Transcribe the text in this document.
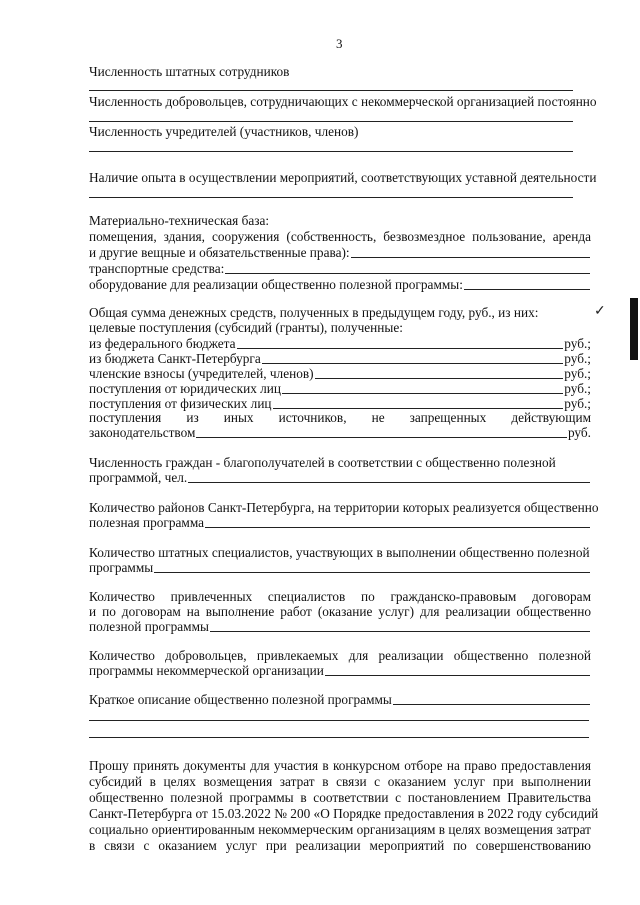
3
Численность штатных сотрудников
Численность добровольцев, сотрудничающих с некоммерческой организацией постоянно
Численность учредителей (участников, членов)
Наличие опыта в осуществлении мероприятий, соответствующих уставной деятельности
Материально-техническая база:
помещения, здания, сооружения (собственность, безвозмездное пользование, аренда
и другие вещные и обязательственные права):
транспортные средства:
оборудование для реализации общественно полезной программы:
Общая сумма денежных средств, полученных в предыдущем году, руб., из них:
целевые поступления (субсидий (гранты), полученные:
из федерального бюджета	руб.;
из бюджета Санкт-Петербурга	руб.;
членские взносы (учредителей, членов)	руб.;
поступления от юридических лиц	руб.;
поступления от физических лиц	руб.;
поступления из иных источников, не запрещенных действующим
законодательством	руб.
Численность граждан - благополучателей в соответствии с общественно полезной
программой, чел.
Количество районов Санкт-Петербурга, на территории которых реализуется общественно
полезная программа
Количество штатных специалистов, участвующих в выполнении общественно полезной
программы
Количество привлеченных специалистов по гражданско-правовым договорам
и по договорам на выполнение работ (оказание услуг) для реализации общественно
полезной программы
Количество добровольцев, привлекаемых для реализации общественно полезной
программы некоммерческой организации
Краткое описание общественно полезной программы
Прошу принять документы для участия в конкурсном отборе на право предоставления
субсидий в целях возмещения затрат в связи с оказанием услуг при выполнении
общественно полезной программы в соответствии с постановлением Правительства
Санкт-Петербурга от 15.03.2022 № 200 «О Порядке предоставления в 2022 году субсидий
социально ориентированным некоммерческим организациям в целях возмещения затрат
в связи с оказанием услуг при реализации мероприятий по совершенствованию
✓
